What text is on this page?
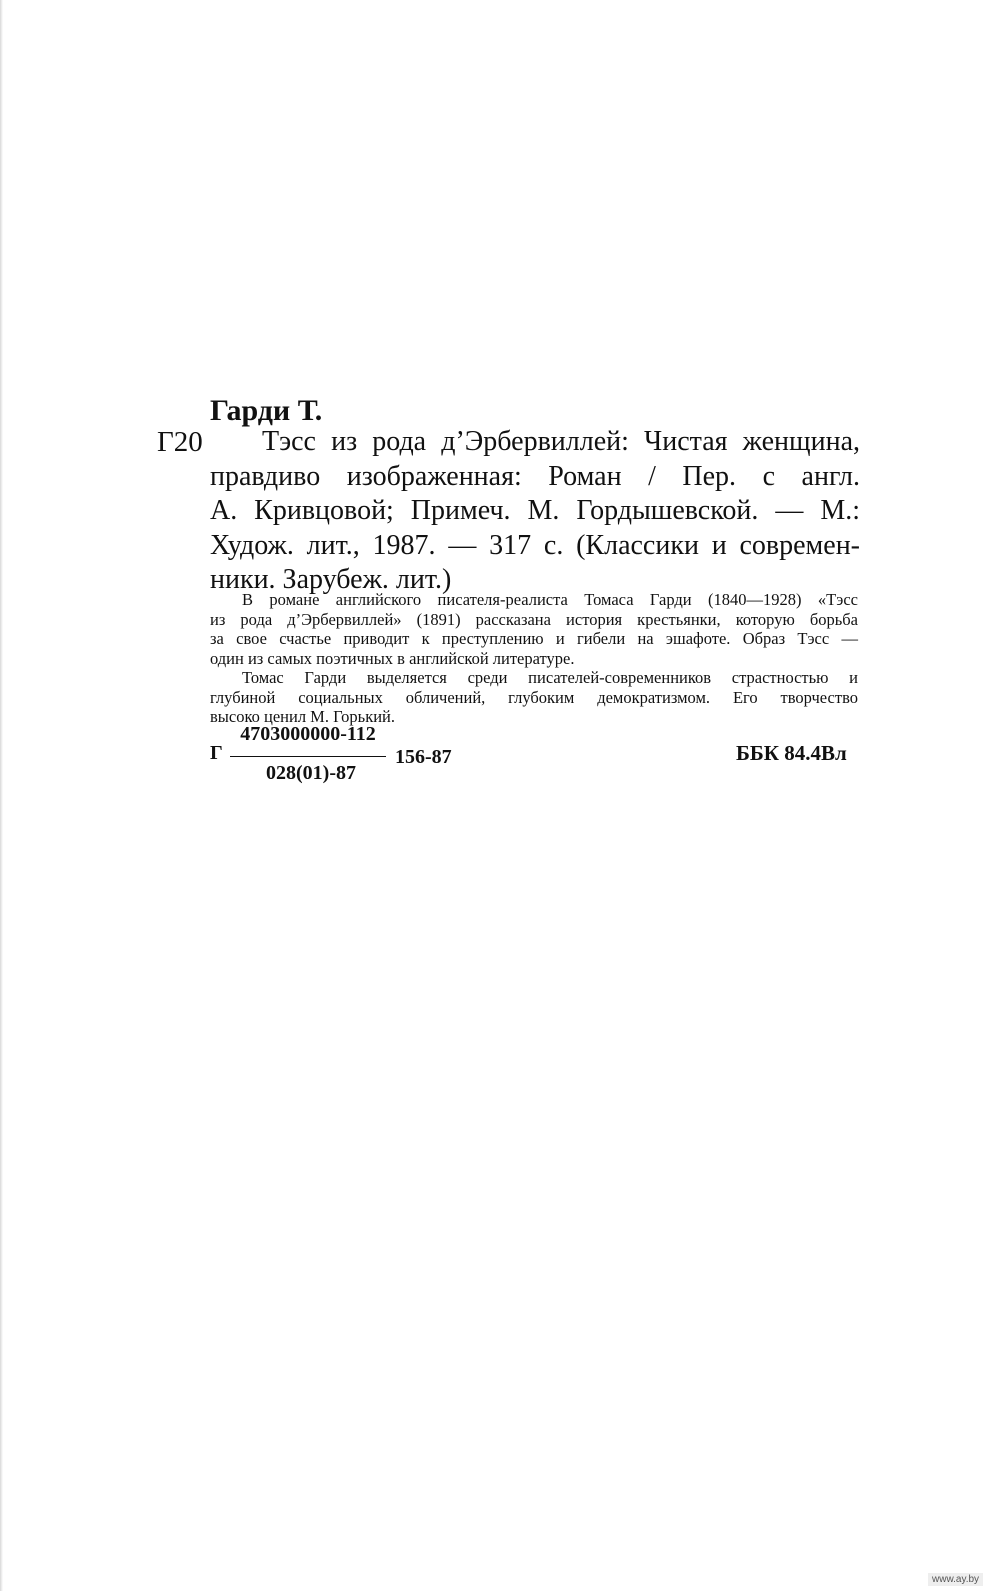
Гарди Т.
Г20	Тэсс из рода д’Эрбервиллей: Чистая женщина,
правдиво изображенная: Роман / Пер. с англ.
А. Кривцовой; Примеч. М. Гордышевской. — М.:
Худож. лит., 1987. — 317 с. (Классики и современ-
ники. Зарубеж. лит.)
В романе английского писателя-реалиста Томаса Гарди (1840—1928) «Тэсс
из рода д’Эрбервиллей» (1891) рассказана история крестьянки, которую борьба
за свое счастье приводит к преступлению и гибели на эшафоте. Образ Тэсс —
один из самых поэтичных в английской литературе.
Томас Гарди выделяется среди писателей-современников страстностью и
глубиной социальных обличений, глубоким демократизмом. Его творчество
высоко ценил М. Горький.
Г
4703000000-112
028(01)-87
156-87	ББК 84.4Вл
www.ay.by
